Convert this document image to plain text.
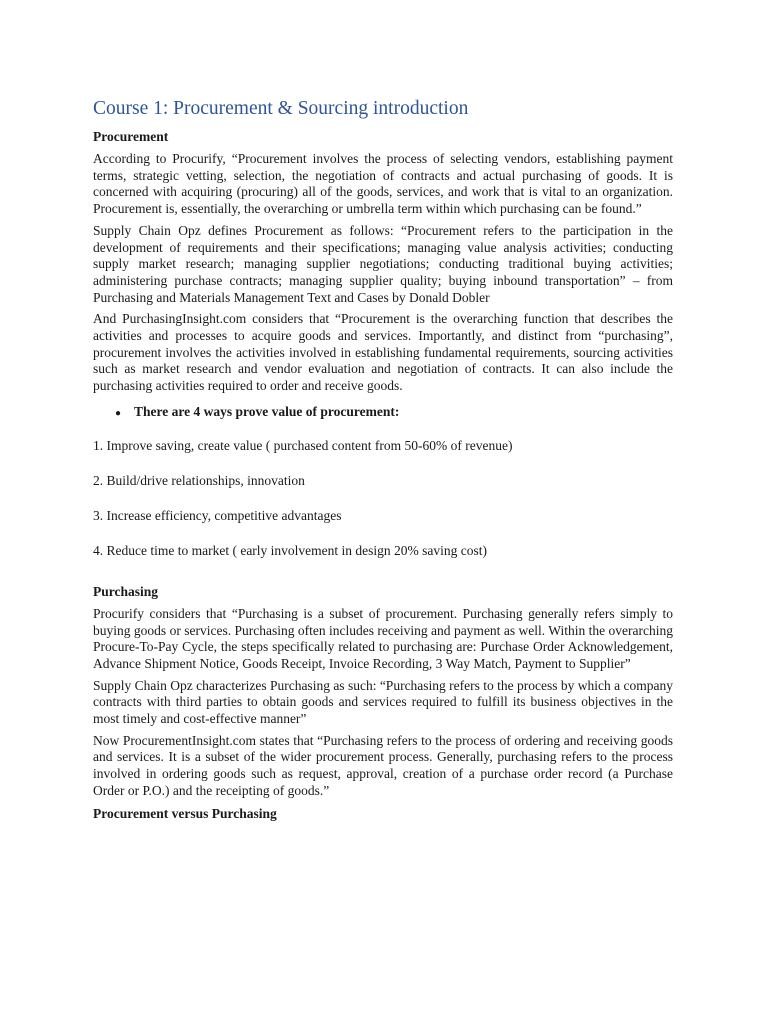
Course 1: Procurement & Sourcing introduction
Procurement

According to Procurify, “Procurement involves the process of selecting vendors, establishing payment terms, strategic vetting, selection, the negotiation of contracts and actual purchasing of goods. It is concerned with acquiring (procuring) all of the goods, services, and work that is vital to an organization. Procurement is, essentially, the overarching or umbrella term within which purchasing can be found.”

Supply Chain Opz defines Procurement as follows: “Procurement refers to the participation in the development of requirements and their specifications; managing value analysis activities; conducting supply market research; managing supplier negotiations; conducting traditional buying activities; administering purchase contracts; managing supplier quality; buying inbound transportation” – from Purchasing and Materials Management Text and Cases by Donald Dobler

And PurchasingInsight.com considers that “Procurement is the overarching function that describes the activities and processes to acquire goods and services. Importantly, and distinct from “purchasing”, procurement involves the activities involved in establishing fundamental requirements, sourcing activities such as market research and vendor evaluation and negotiation of contracts. It can also include the purchasing activities required to order and receive goods.

● There are 4 ways prove value of procurement:
1. Improve saving, create value ( purchased content from 50-60% of revenue)
2. Build/drive relationships, innovation
3. Increase efficiency, competitive advantages
4. Reduce time to market ( early involvement in design 20% saving cost)
Purchasing

Procurify considers that “Purchasing is a subset of procurement. Purchasing generally refers simply to buying goods or services. Purchasing often includes receiving and payment as well. Within the overarching Procure-To-Pay Cycle, the steps specifically related to purchasing are: Purchase Order Acknowledgement, Advance Shipment Notice, Goods Receipt, Invoice Recording, 3 Way Match, Payment to Supplier”

Supply Chain Opz characterizes Purchasing as such: “Purchasing refers to the process by which a company contracts with third parties to obtain goods and services required to fulfill its business objectives in the most timely and cost-effective manner”

Now ProcurementInsight.com states that “Purchasing refers to the process of ordering and receiving goods and services. It is a subset of the wider procurement process. Generally, purchasing refers to the process involved in ordering goods such as request, approval, creation of a purchase order record (a Purchase Order or P.O.) and the receipting of goods.”

Procurement versus Purchasing
